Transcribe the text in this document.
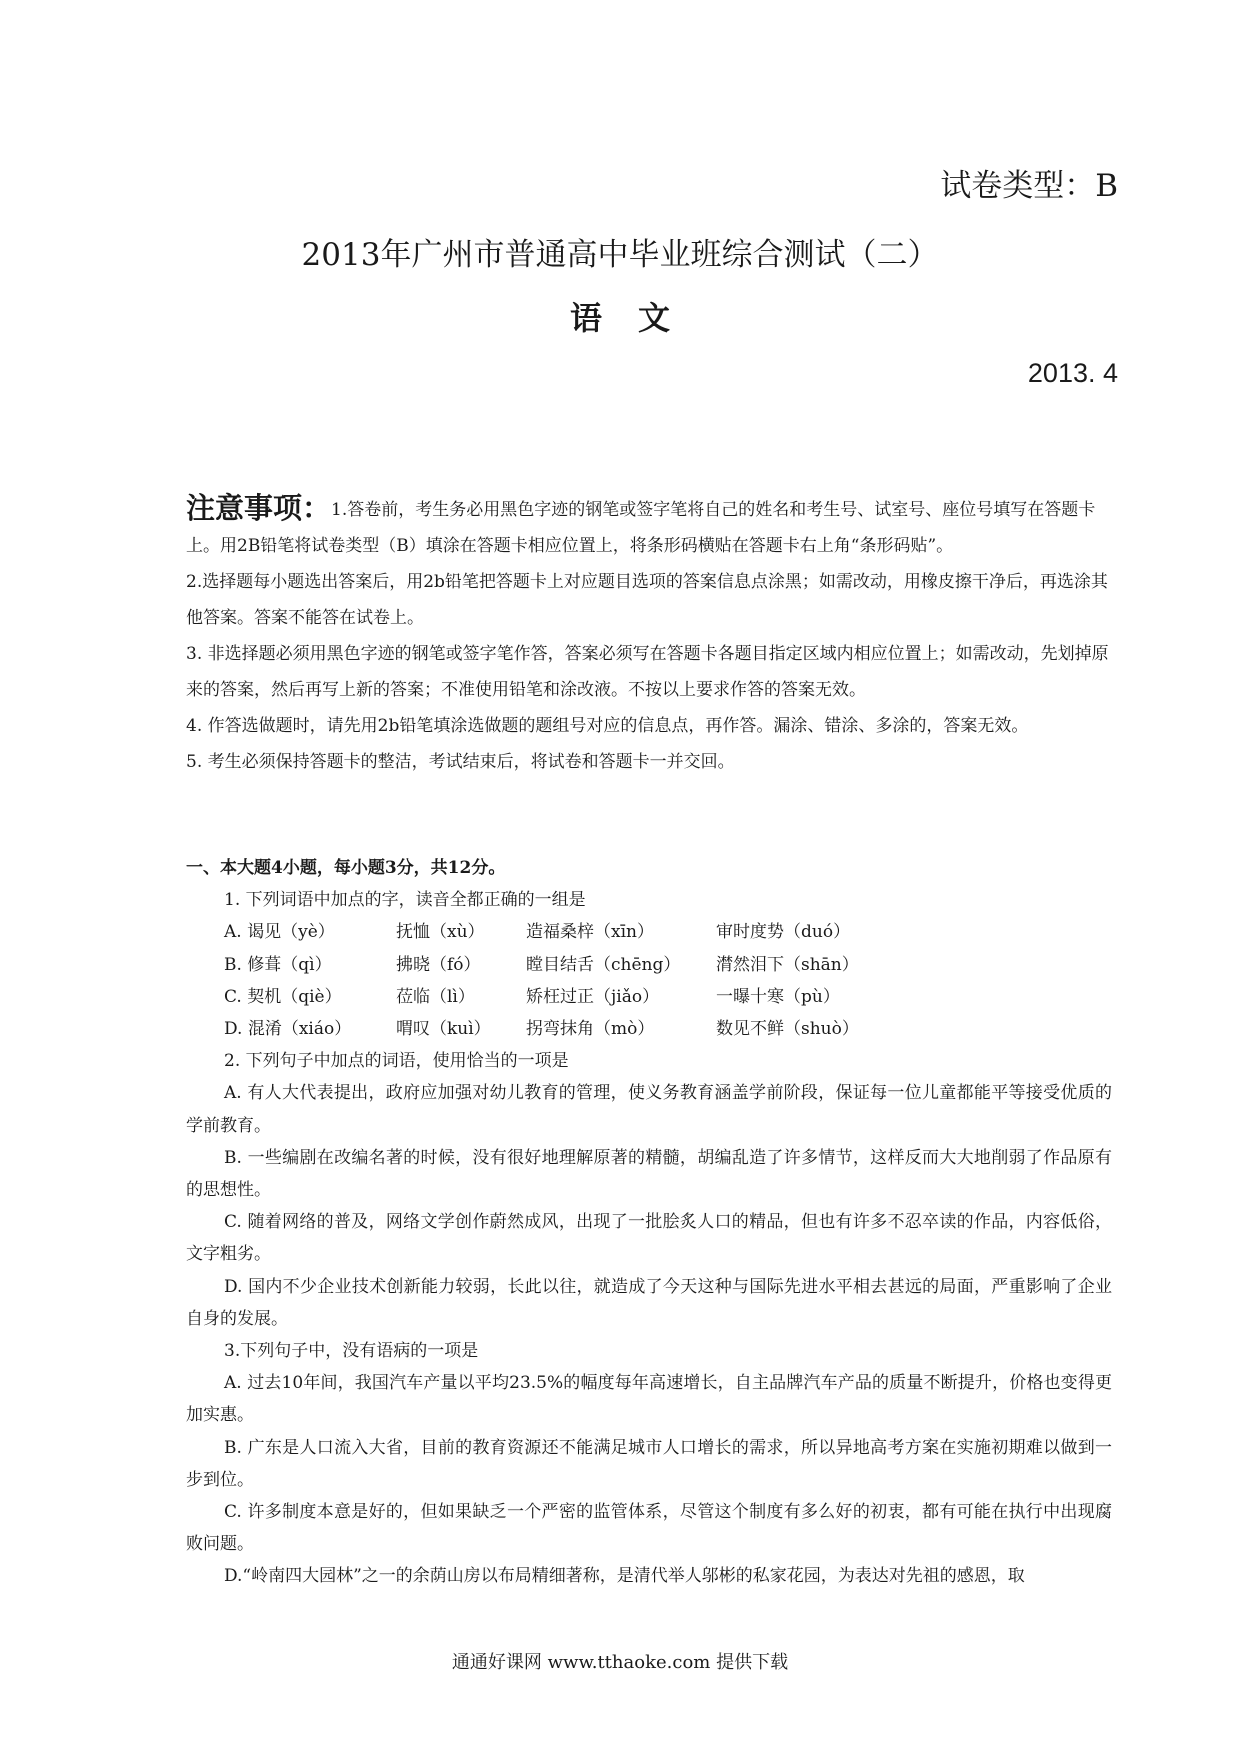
试卷类型：B
2013年广州市普通高中毕业班综合测试（二）
语文
2013. 4

注意事项：1.答卷前，考生务必用黑色字迹的钢笔或签字笔将自己的姓名和考生号、试室号、座位号填写在答题卡上。用2B铅笔将试卷类型（B）填涂在答题卡相应位置上，将条形码横贴在答题卡右上角“条形码贴”。

2.选择题每小题选出答案后，用2b铅笔把答题卡上对应题目选项的答案信息点涂黑；如需改动，用橡皮擦干净后，再选涂其他答案。答案不能答在试卷上。

3. 非选择题必须用黑色字迹的钢笔或签字笔作答，答案必须写在答题卡各题目指定区域内相应位置上；如需改动，先划掉原来的答案，然后再写上新的答案；不准使用铅笔和涂改液。不按以上要求作答的答案无效。

4. 作答选做题时，请先用2b铅笔填涂选做题的题组号对应的信息点，再作答。漏涂、错涂、多涂的，答案无效。

5. 考生必须保持答题卡的整洁，考试结束后，将试卷和答题卡一并交回。

一、本大题4小题，每小题3分，共12分。

1. 下列词语中加点的字，读音全都正确的一组是

A. 谒见（yè）	抚恤（xù）	造福桑梓（xīn）	审时度势（duó）
B. 修葺（qì）	拂晓（fó）	瞠目结舌（chēng）	潸然泪下（shān）
C. 契机（qiè）	莅临（lì）	矫枉过正（jiǎo）	一曝十寒（pù）
D. 混淆（xiáo）	喟叹（kuì）	拐弯抹角（mò）	数见不鲜（shuò）

2. 下列句子中加点的词语，使用恰当的一项是

A. 有人大代表提出，政府应加强对幼儿教育的管理，使义务教育涵盖学前阶段，保证每一位儿童都能平等接受优质的学前教育。

B. 一些编剧在改编名著的时候，没有很好地理解原著的精髓，胡编乱造了许多情节，这样反而大大地削弱了作品原有的思想性。

C. 随着网络的普及，网络文学创作蔚然成风，出现了一批脍炙人口的精品，但也有许多不忍卒读的作品，内容低俗，文字粗劣。

D. 国内不少企业技术创新能力较弱，长此以往，就造成了今天这种与国际先进水平相去甚远的局面，严重影响了企业自身的发展。

3.下列句子中，没有语病的一项是

A. 过去10年间，我国汽车产量以平均23.5%的幅度每年高速增长，自主品牌汽车产品的质量不断提升，价格也变得更加实惠。

B. 广东是人口流入大省，目前的教育资源还不能满足城市人口增长的需求，所以异地高考方案在实施初期难以做到一步到位。

C. 许多制度本意是好的，但如果缺乏一个严密的监管体系，尽管这个制度有多么好的初衷，都有可能在执行中出现腐败问题。

D.“岭南四大园林”之一的余荫山房以布局精细著称，是清代举人邬彬的私家花园，为表达对先祖的感恩，取

通通好课网 www.tthaoke.com 提供下载
